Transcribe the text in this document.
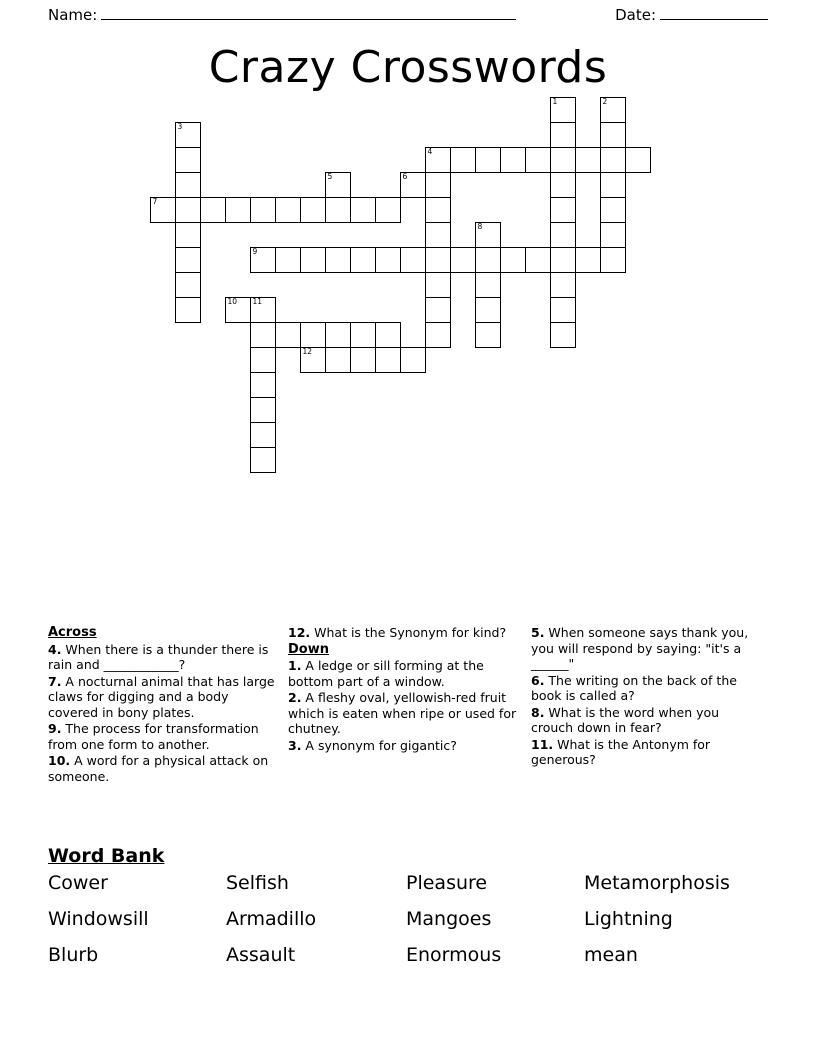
Name:	Date:
Crazy Crosswords
1	2
3
4
5	6
7
8
9
10 11
12
Across

4. When there is a thunder there is rain and ____________?

7. A nocturnal animal that has large claws for digging and a body covered in bony plates.

9. The process for transformation from one form to another.

10. A word for a physical attack on someone.

12. What is the Synonym for kind?

Down

1. A ledge or sill forming at the bottom part of a window.

2. A fleshy oval, yellowish-red fruit which is eaten when ripe or used for chutney.

3. A synonym for gigantic?

5. When someone says thank you, you will respond by saying: "it's a ______"

6. The writing on the back of the book is called a?

8. What is the word when you crouch down in fear?

11. What is the Antonym for generous?

Word Bank
Cower	Selfish	Pleasure	Metamorphosis
Windowsill	Armadillo	Mangoes	Lightning
Blurb	Assault	Enormous	mean
